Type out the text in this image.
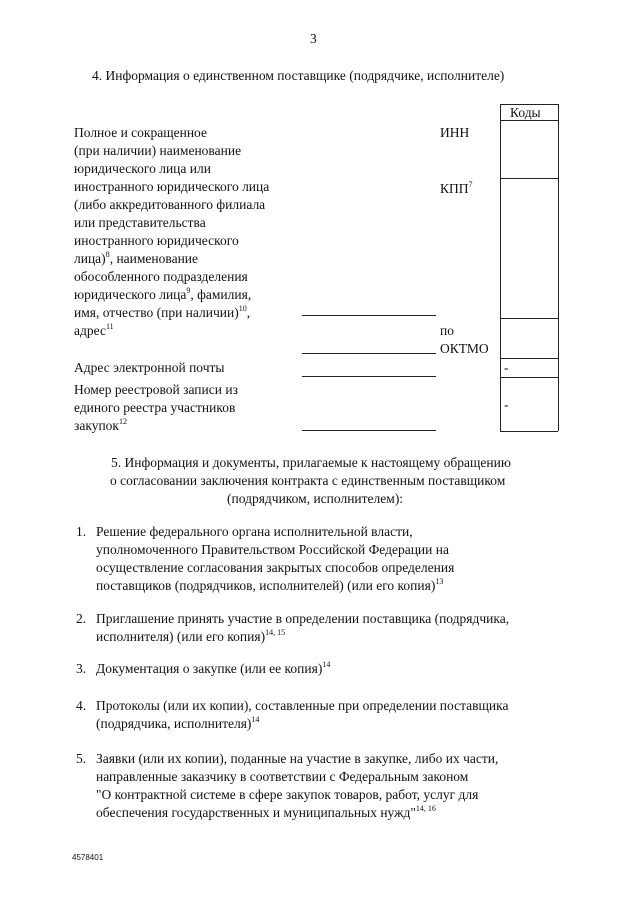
3
4. Информация о единственном поставщике (подрядчике, исполнителе)
Коды
-
-
Полное и сокращенное
(при наличии) наименование
юридического лица или
иностранного юридического лица
(либо аккредитованного филиала
или представительства
иностранного юридического
лица)$^8$, наименование
обособленного подразделения
юридического лица$^9$, фамилия,
имя, отчество (при наличии)$^{10}$,
адрес$^{11}$
ИНН
КПП$^7$
по
ОКТМО
Адрес электронной почты
Номер реестровой записи из
единого реестра участников
закупок$^{12}$
5. Информация и документы, прилагаемые к настоящему обращению
о согласовании заключения контракта с единственным поставщиком
(подрядчиком, исполнителем):
1. Решение федерального органа исполнительной власти,
уполномоченного Правительством Российской Федерации на
осуществление согласования закрытых способов определения
поставщиков (подрядчиков, исполнителей) (или его копия)$^{13}$
2. Приглашение принять участие в определении поставщика (подрядчика,
исполнителя) (или его копия)$^{14, 15}$
3. Документация о закупке (или ее копия)$^{14}$
4. Протоколы (или их копии), составленные при определении поставщика
(подрядчика, исполнителя)$^{14}$
5. Заявки (или их копии), поданные на участие в закупке, либо их части,
направленные заказчику в соответствии с Федеральным законом
"О контрактной системе в сфере закупок товаров, работ, услуг для
обеспечения государственных и муниципальных нужд"$^{14, 16}$
4578401
